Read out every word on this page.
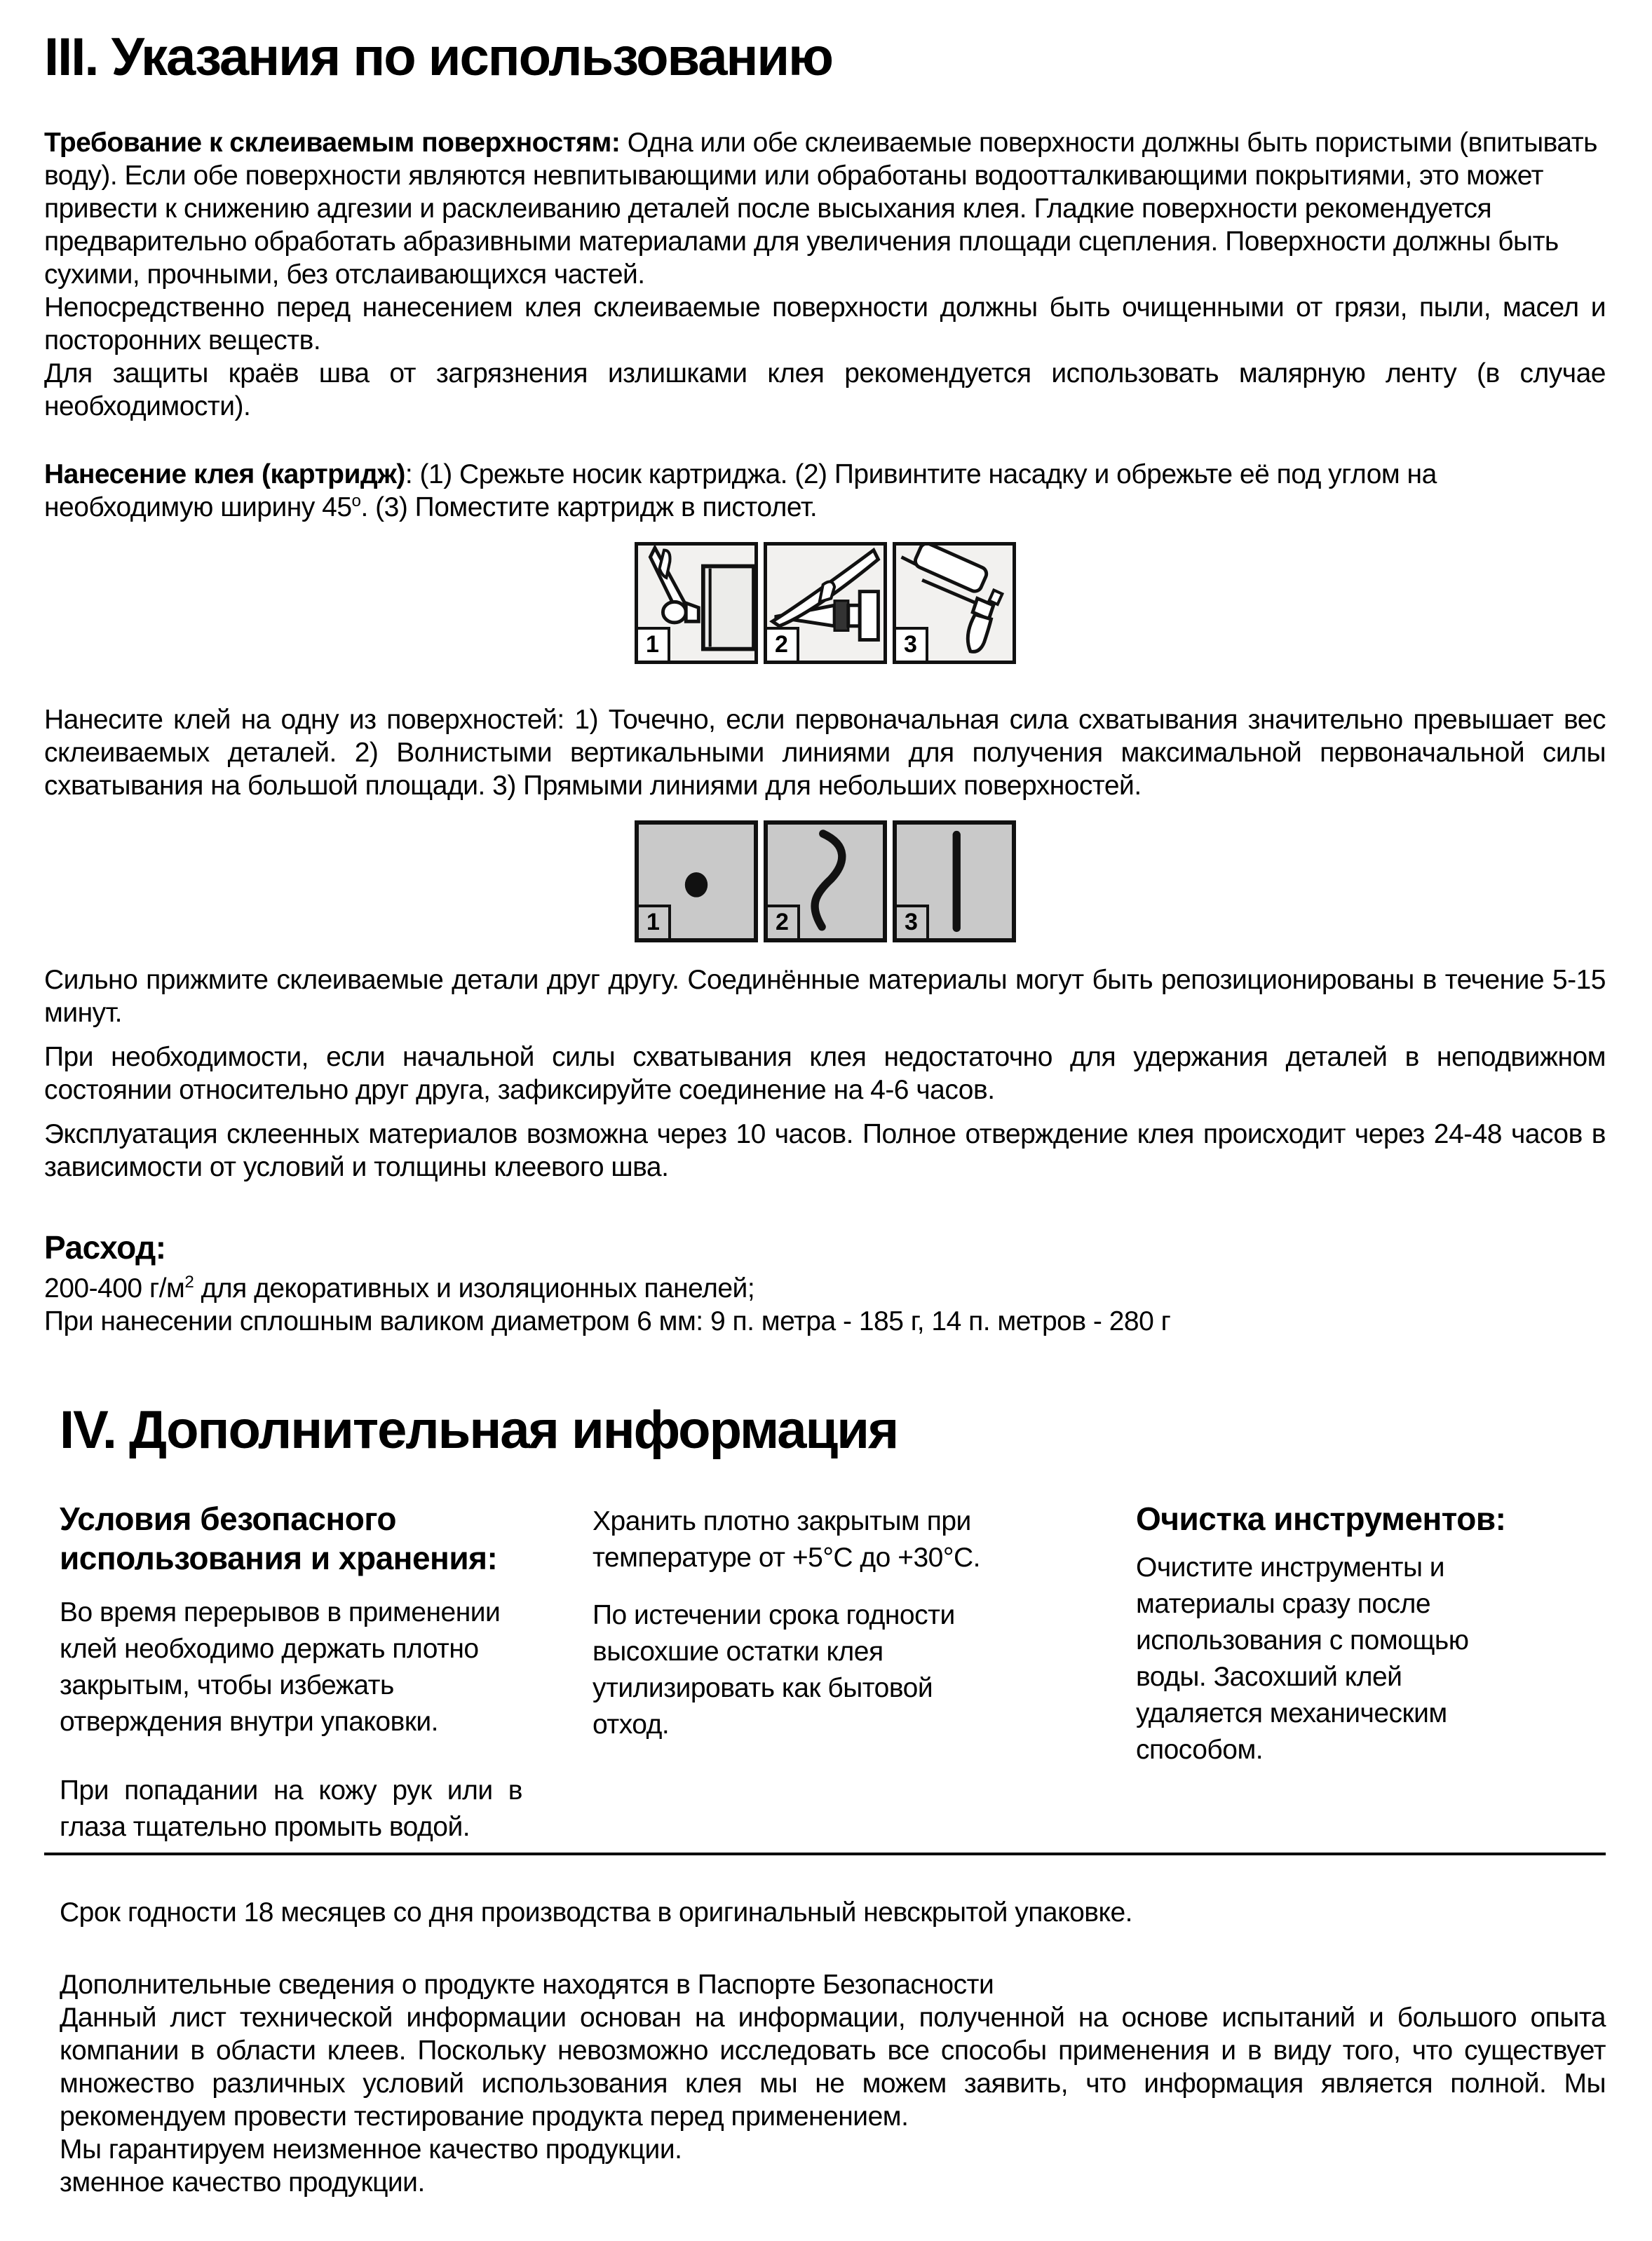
III. Указания по использованию

Требование к склеиваемым поверхностям: Одна или обе склеиваемые поверхности должны быть пористыми (впитывать воду). Если обе поверхности являются невпитывающими или обработаны водоотталкивающими покрытиями, это может привести к снижению адгезии и расклеиванию деталей после высыхания клея. Гладкие поверхности рекомендуется предварительно обработать абразивными материалами для увеличения площади сцепления. Поверхности должны быть сухими, прочными, без отслаивающихся частей.

Непосредственно перед нанесением клея склеиваемые поверхности должны быть очищенными от грязи, пыли, масел и посторонних веществ.

Для защиты краёв шва от загрязнения излишками клея рекомендуется использовать малярную ленту (в случае необходимости).

Нанесение клея (картридж): (1) Срежьте носик картриджа. (2) Привинтите насадку и обрежьте её под углом на необходимую ширину $45^о$. (3) Поместите картридж в пистолет.

1	2	3

Нанесите клей на одну из поверхностей: 1) Точечно, если первоначальная сила схватывания значительно превышает вес склеиваемых деталей. 2) Волнистыми вертикальными линиями для получения максимальной первоначальной силы схватывания на большой площади. 3) Прямыми линиями для небольших поверхностей.

1	2	3

Сильно прижмите склеиваемые детали друг другу. Соединённые материалы могут быть репозиционированы в течение 5-15 минут.

При необходимости, если начальной силы схватывания клея недостаточно для удержания деталей в неподвижном состоянии относительно друг друга, зафиксируйте соединение на 4-6 часов.

Эксплуатация склеенных материалов возможна через 10 часов. Полное отверждение клея происходит через 24-48 часов в зависимости от условий и толщины клеевого шва.

Расход:

200-400 $г/м^2$ для декоративных и изоляционных панелей;

При нанесении сплошным валиком диаметром 6 мм: 9 п. метра - 185 г, 14 п. метров - 280 г

IV. Дополнительная информация

Условия безопасного использования и хранения:

Во время перерывов в применении клей необходимо держать плотно закрытым, чтобы избежать отверждения внутри упаковки.

При попадании на кожу рук или в глаза тщательно промыть водой.

Хранить плотно закрытым при температуре от +5°С до +30°С.

По истечении срока годности высохшие остатки клея утилизировать как бытовой отход.

Очистка инструментов:

Очистите инструменты и материалы сразу после использования с помощью воды. Засохший клей удаляется механическим способом.

Срок годности 18 месяцев со дня производства в оригинальный невскрытой упаковке.

Дополнительные сведения о продукте находятся в Паспорте Безопасности

Данный лист технической информации основан на информации, полученной на основе испытаний и большого опыта компании в области клеев. Поскольку невозможно исследовать все способы применения и в виду того, что существует множество различных условий использования клея мы не можем заявить, что информация является полной. Мы рекомендуем провести тестирование продукта перед применением.

Мы гарантируем неизменное качество продукции.

зменное качество продукции.
